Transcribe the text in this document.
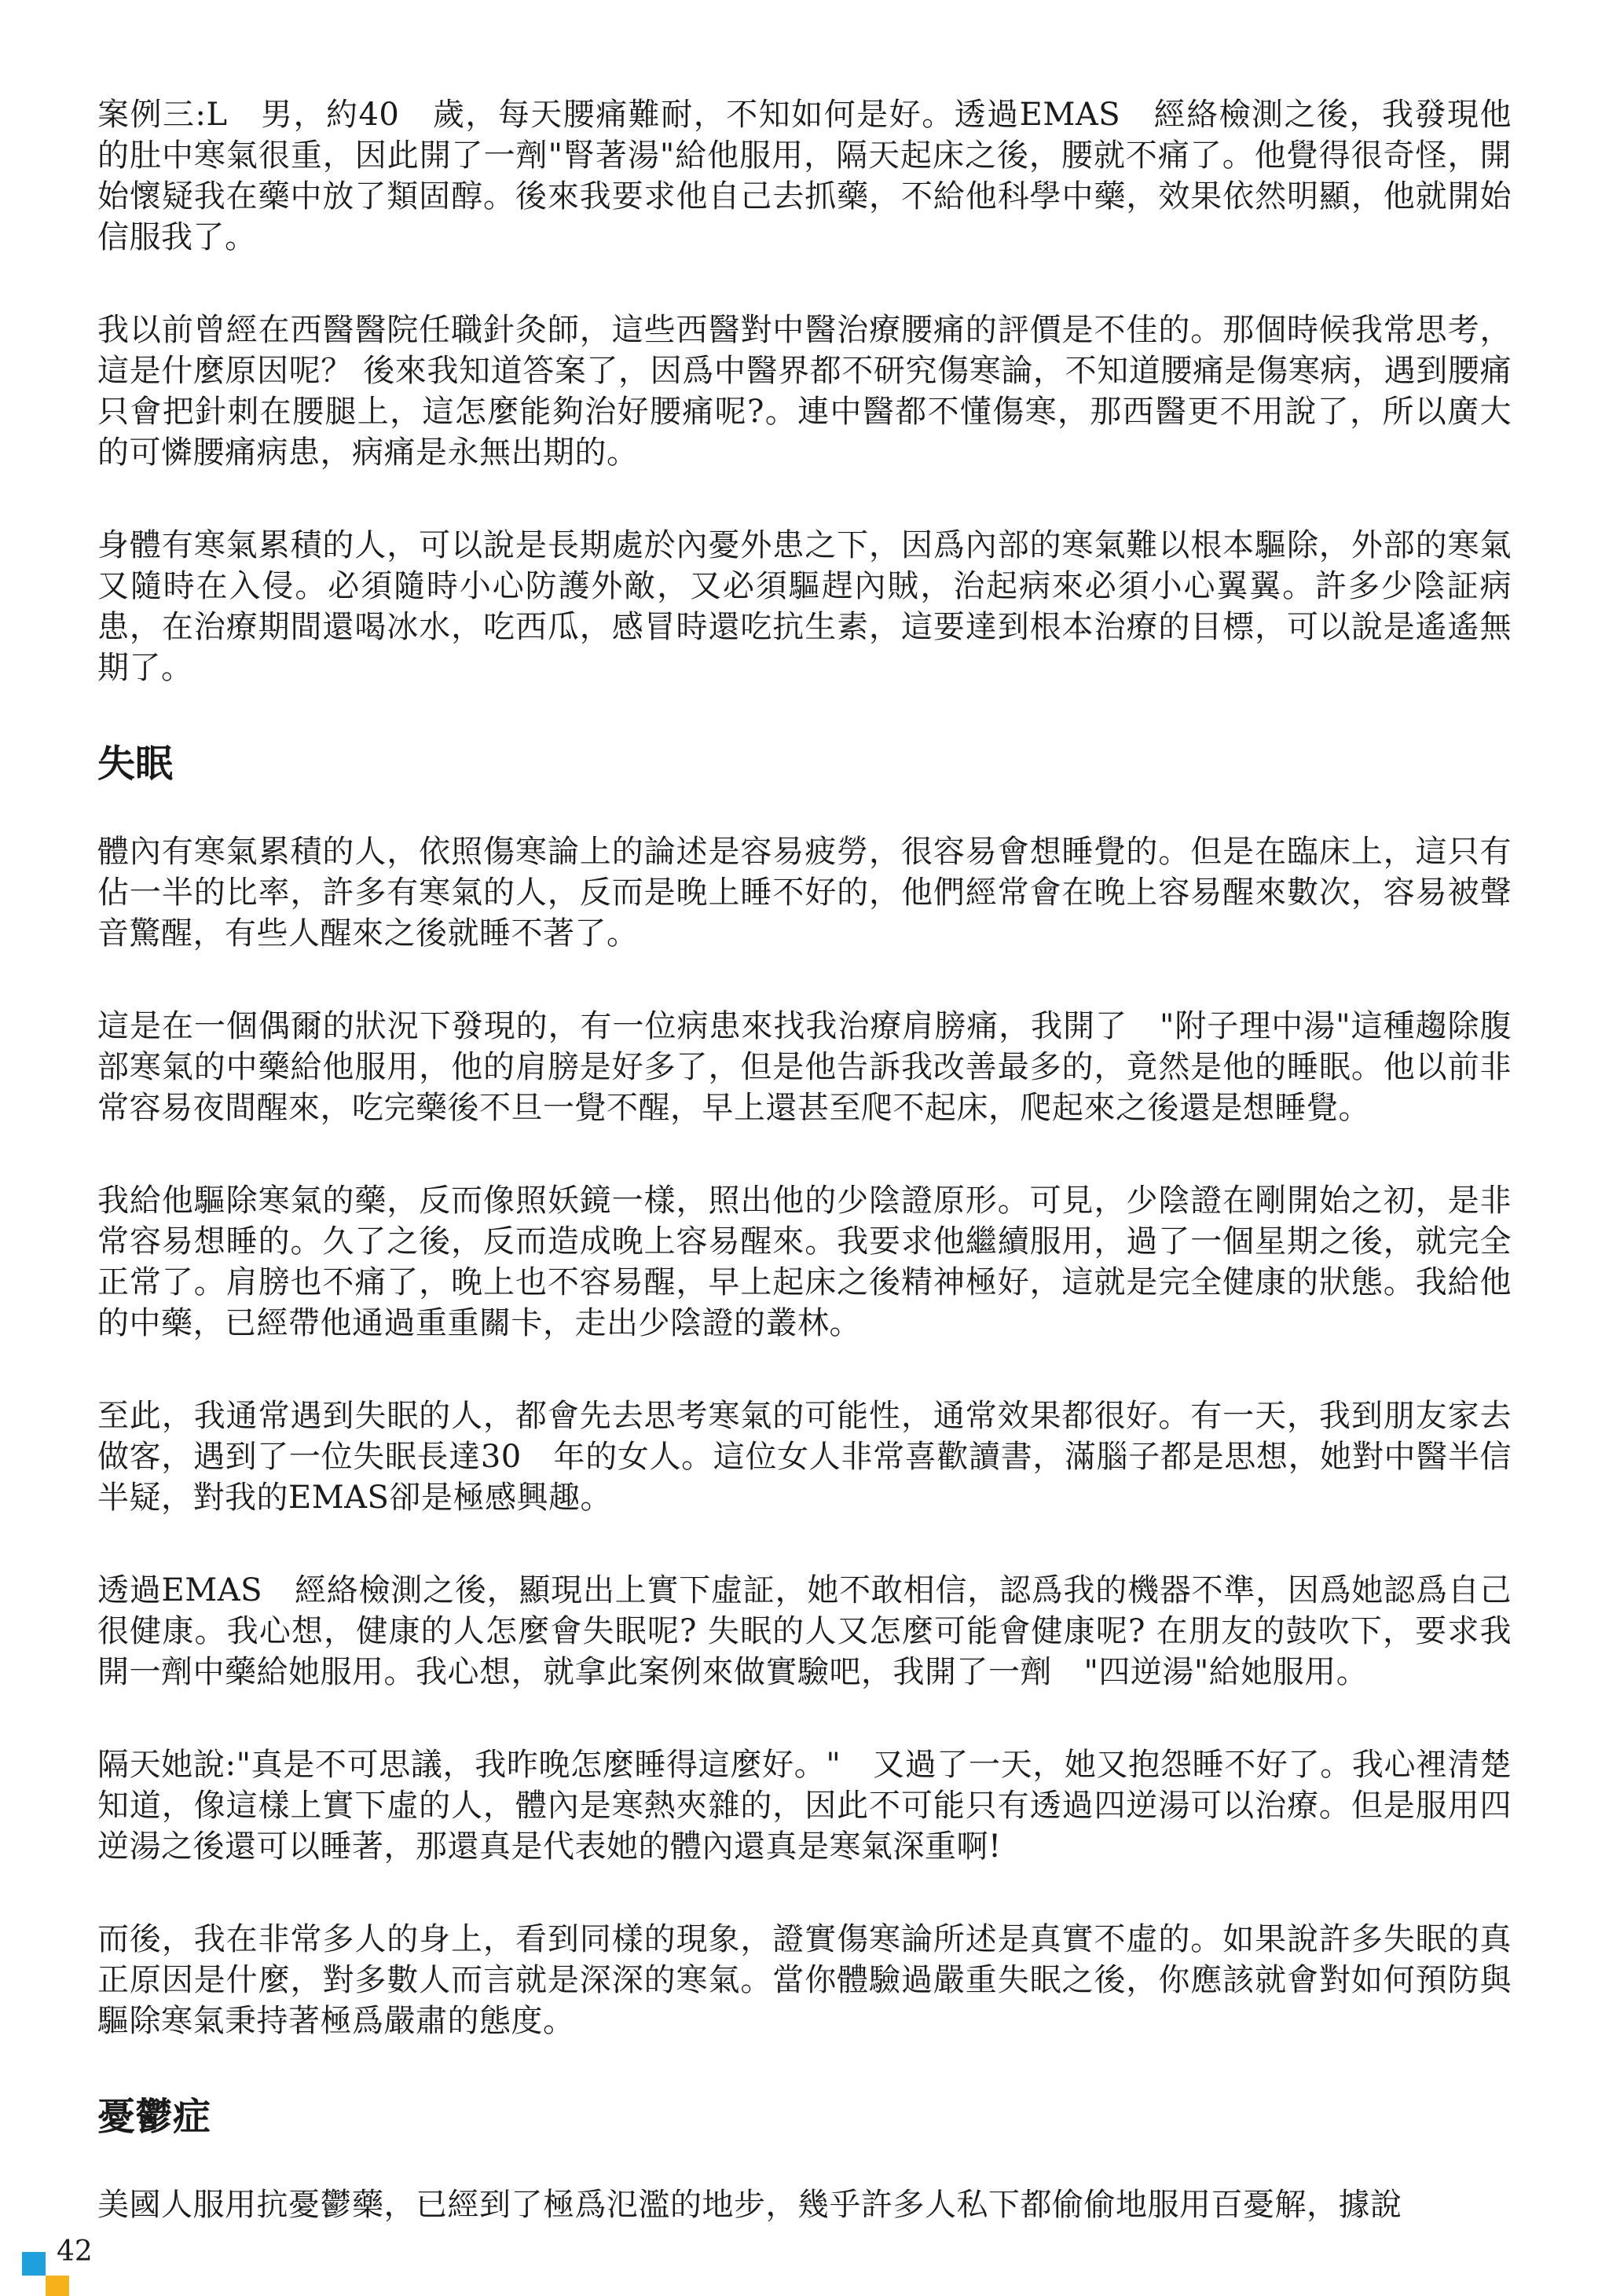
案例三:L　男，約40　歲，每天腰痛難耐，不知如何是好。透過EMAS　經絡檢測之後，我發現他的肚中寒氣很重，因此開了一劑"腎著湯"給他服用，隔天起床之後，腰就不痛了。他覺得很奇怪，開始懷疑我在藥中放了類固醇。後來我要求他自己去抓藥，不給他科學中藥，效果依然明顯，他就開始信服我了。

我以前曾經在西醫醫院任職針灸師，這些西醫對中醫治療腰痛的評價是不佳的。那個時候我常思考，這是什麼原因呢？ 後來我知道答案了，因爲中醫界都不研究傷寒論，不知道腰痛是傷寒病，遇到腰痛只會把針刺在腰腿上，這怎麼能夠治好腰痛呢?。連中醫都不懂傷寒，那西醫更不用說了，所以廣大的可憐腰痛病患，病痛是永無出期的。

身體有寒氣累積的人，可以說是長期處於內憂外患之下，因爲內部的寒氣難以根本驅除，外部的寒氣又隨時在入侵。必須隨時小心防護外敵，又必須驅趕內賊，治起病來必須小心翼翼。許多少陰証病患，在治療期間還喝冰水，吃西瓜，感冒時還吃抗生素，這要達到根本治療的目標，可以說是遙遙無期了。

失眠

體內有寒氣累積的人，依照傷寒論上的論述是容易疲勞，很容易會想睡覺的。但是在臨床上，這只有佔一半的比率，許多有寒氣的人，反而是晚上睡不好的，他們經常會在晚上容易醒來數次，容易被聲音驚醒，有些人醒來之後就睡不著了。

這是在一個偶爾的狀況下發現的，有一位病患來找我治療肩膀痛，我開了　"附子理中湯"這種趨除腹部寒氣的中藥給他服用，他的肩膀是好多了，但是他告訴我改善最多的，竟然是他的睡眠。他以前非常容易夜間醒來，吃完藥後不旦一覺不醒，早上還甚至爬不起床，爬起來之後還是想睡覺。

我給他驅除寒氣的藥，反而像照妖鏡一樣，照出他的少陰證原形。可見，少陰證在剛開始之初，是非常容易想睡的。久了之後，反而造成晚上容易醒來。我要求他繼續服用，過了一個星期之後，就完全正常了。肩膀也不痛了，晚上也不容易醒，早上起床之後精神極好，這就是完全健康的狀態。我給他的中藥，已經帶他通過重重關卡，走出少陰證的叢林。

至此，我通常遇到失眠的人，都會先去思考寒氣的可能性，通常效果都很好。有一天，我到朋友家去做客，遇到了一位失眠長達30　年的女人。這位女人非常喜歡讀書，滿腦子都是思想，她對中醫半信半疑，對我的EMAS卻是極感興趣。

透過EMAS　經絡檢測之後，顯現出上實下虛証，她不敢相信，認爲我的機器不準，因爲她認爲自己很健康。我心想，健康的人怎麼會失眠呢? 失眠的人又怎麼可能會健康呢? 在朋友的鼓吹下，要求我開一劑中藥給她服用。我心想，就拿此案例來做實驗吧，我開了一劑　"四逆湯"給她服用。

隔天她說:"真是不可思議，我昨晚怎麼睡得這麼好。"　又過了一天，她又抱怨睡不好了。我心裡清楚知道，像這樣上實下虛的人，體內是寒熱夾雜的，因此不可能只有透過四逆湯可以治療。但是服用四逆湯之後還可以睡著，那還真是代表她的體內還真是寒氣深重啊!

而後，我在非常多人的身上，看到同樣的現象，證實傷寒論所述是真實不虛的。如果說許多失眠的真正原因是什麼，對多數人而言就是深深的寒氣。當你體驗過嚴重失眠之後，你應該就會對如何預防與驅除寒氣秉持著極爲嚴肅的態度。

憂鬱症

美國人服用抗憂鬱藥，已經到了極爲氾濫的地步，幾乎許多人私下都偷偷地服用百憂解，據說

42
